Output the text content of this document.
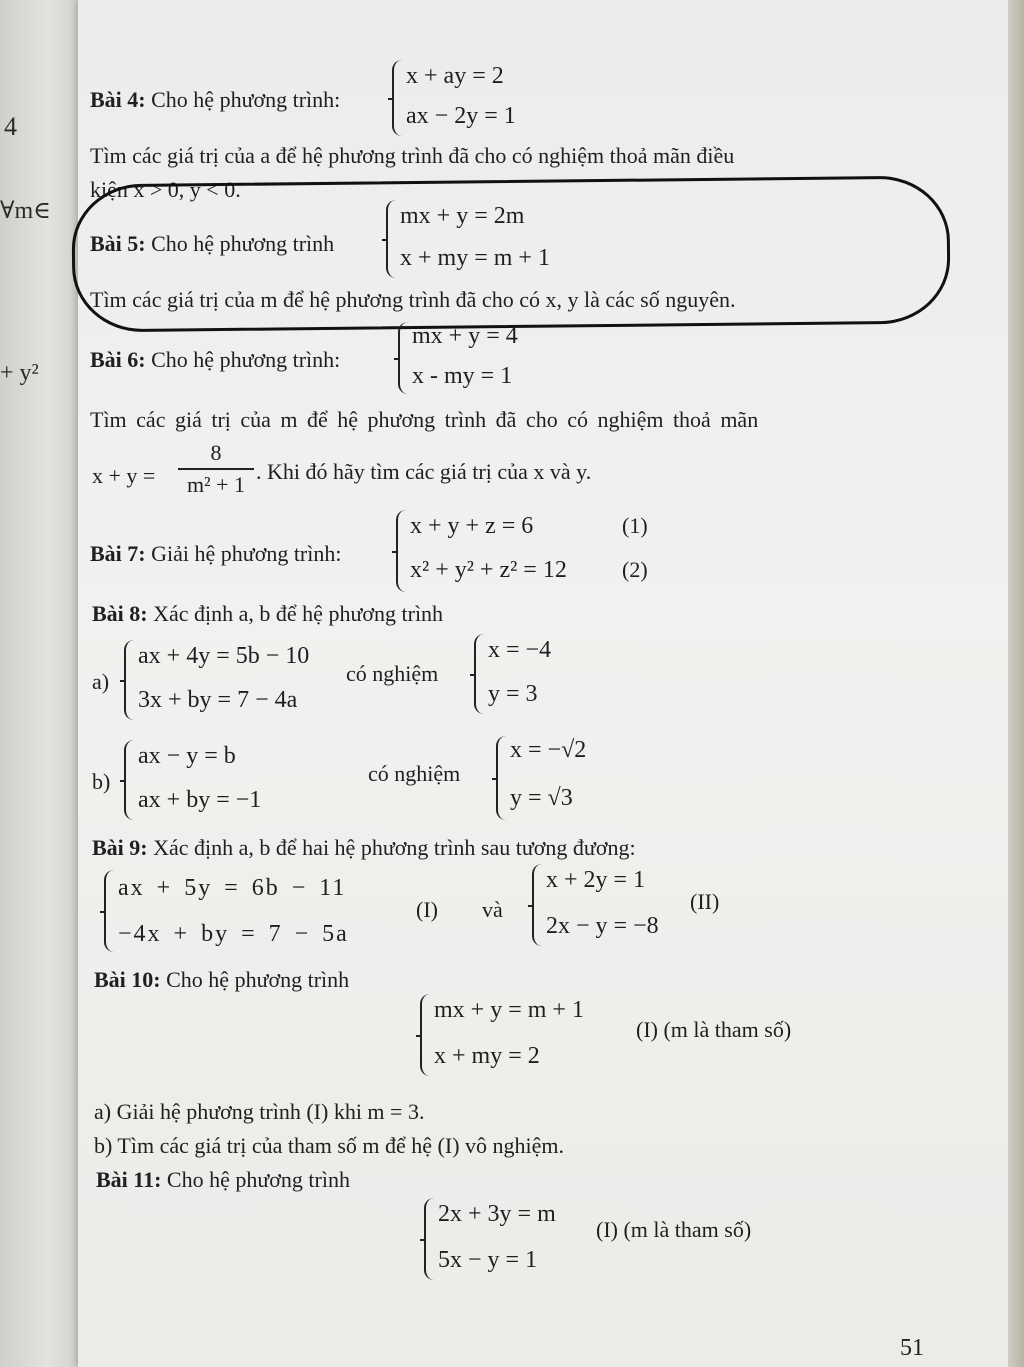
4
∀m∈
+ y²
Bài 4: Cho hệ phương trình:
x + ay = 2
ax − 2y = 1
Tìm các giá trị của a để hệ phương trình đã cho có nghiệm thoả mãn điều
kiện x > 0, y < 0.
Bài 5: Cho hệ phương trình
mx + y = 2m
x + my = m + 1
Tìm các giá trị của m để hệ phương trình đã cho có x, y là các số nguyên.
Bài 6: Cho hệ phương trình:
mx + y = 4
x - my = 1
Tìm các giá trị của m để hệ phương trình đã cho có nghiệm thoả mãn
x + y =
8
m² + 1
. Khi đó hãy tìm các giá trị của x và y.
Bài 7: Giải hệ phương trình:
x + y + z = 6
x² + y² + z² = 12
(1)
(2)
Bài 8: Xác định a, b để hệ phương trình
a)
ax + 4y = 5b − 10
3x + by = 7 − 4a
có nghiệm
x = −4
y = 3
b)
ax − y = b
ax + by = −1
có nghiệm
x = −√2
y = √3
Bài 9: Xác định a, b để hai hệ phương trình sau tương đương:
ax + 5y = 6b − 11
−4x + by = 7 − 5a
(I) và
x + 2y = 1
2x − y = −8
(II)
Bài 10: Cho hệ phương trình
mx + y = m + 1
x + my = 2
(I) (m là tham số)
a) Giải hệ phương trình (I) khi m = 3.
b) Tìm các giá trị của tham số m để hệ (I) vô nghiệm.
Bài 11: Cho hệ phương trình
2x + 3y = m
5x − y = 1
(I) (m là tham số)
51
